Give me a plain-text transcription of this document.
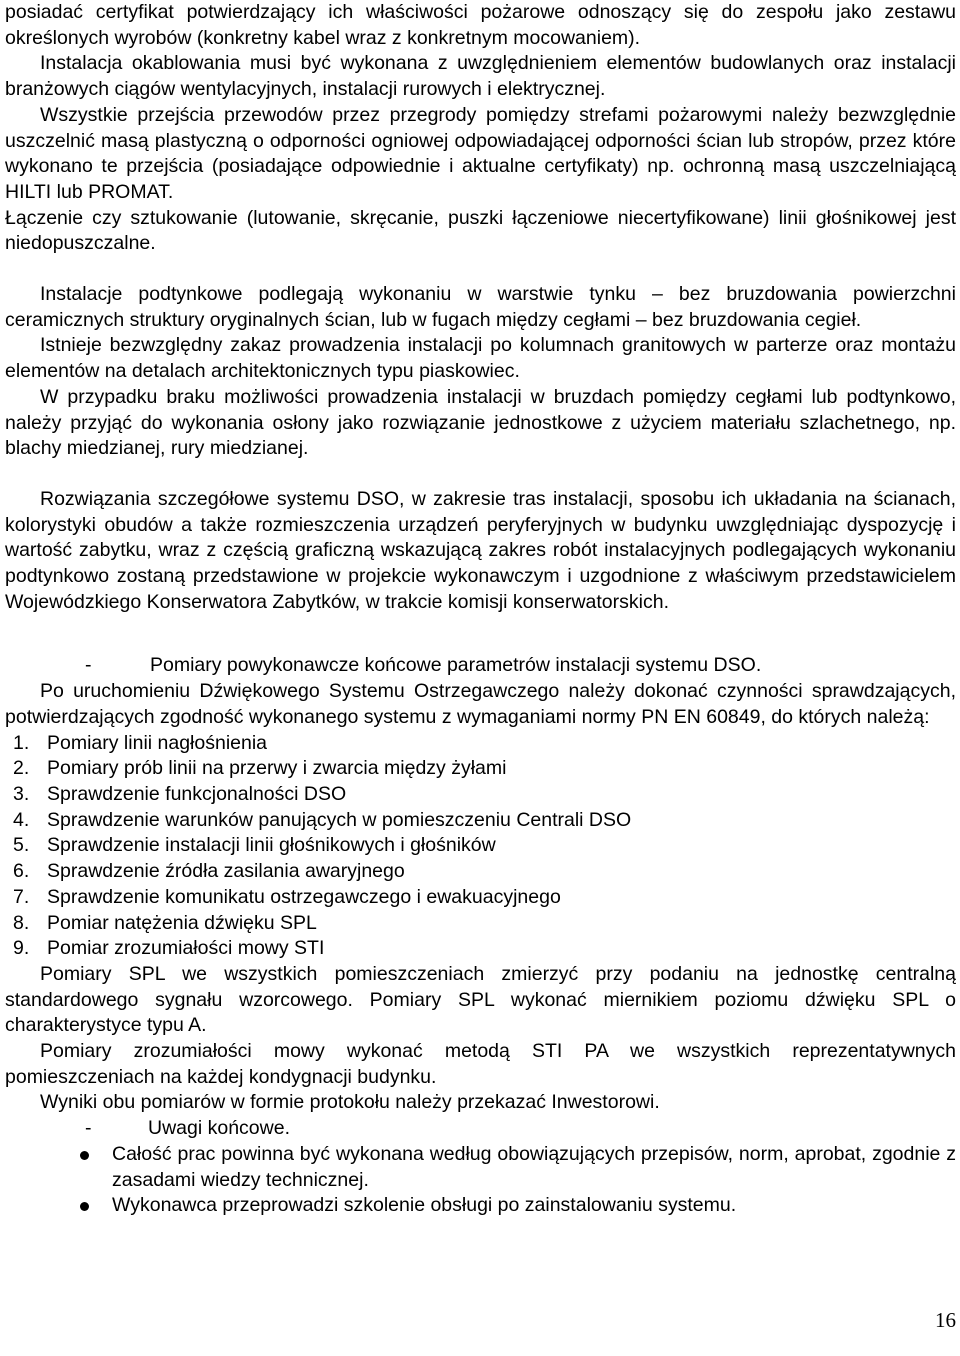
posiadać certyfikat potwierdzający ich właściwości pożarowe odnoszący się do zespołu jako zestawu określonych wyrobów (konkretny kabel wraz z konkretnym mocowaniem).

Instalacja okablowania musi być wykonana z uwzględnieniem elementów budowlanych oraz instalacji branżowych ciągów wentylacyjnych, instalacji rurowych i elektrycznej.

Wszystkie przejścia przewodów przez przegrody pomiędzy strefami pożarowymi należy bezwzględnie uszczelnić masą plastyczną o odporności ogniowej odpowiadającej odporności ścian lub stropów, przez które wykonano te przejścia (posiadające odpowiednie i aktualne certyfikaty) np. ochronną masą uszczelniającą HILTI lub PROMAT.

Łączenie czy sztukowanie (lutowanie, skręcanie, puszki łączeniowe niecertyfikowane) linii głośnikowej jest niedopuszczalne.

Instalacje podtynkowe podlegają wykonaniu w warstwie tynku – bez bruzdowania powierzchni ceramicznych struktury oryginalnych ścian, lub w fugach między cegłami – bez bruzdowania cegieł.

Istnieje bezwzględny zakaz prowadzenia instalacji po kolumnach granitowych w parterze oraz montażu elementów na detalach architektonicznych typu piaskowiec.

W przypadku braku możliwości prowadzenia instalacji w bruzdach pomiędzy cegłami lub podtynkowo, należy przyjąć do wykonania osłony jako rozwiązanie jednostkowe z użyciem materiału szlachetnego, np. blachy miedzianej, rury miedzianej.

Rozwiązania szczegółowe systemu DSO, w zakresie tras instalacji, sposobu ich układania na ścianach, kolorystyki obudów a także rozmieszczenia urządzeń peryferyjnych w budynku uwzględniając dyspozycję i wartość zabytku, wraz z częścią graficzną wskazującą zakres robót instalacyjnych podlegających wykonaniu podtynkowo zostaną przedstawione w projekcie wykonawczym i uzgodnione z właściwym przedstawicielem Wojewódzkiego Konserwatora Zabytków, w trakcie komisji konserwatorskich.

-	Pomiary powykonawcze końcowe parametrów instalacji systemu DSO.

Po uruchomieniu Dźwiękowego Systemu Ostrzegawczego należy dokonać czynności sprawdzających, potwierdzających zgodność wykonanego systemu z wymaganiami normy PN EN 60849, do których należą:

1. Pomiary linii nagłośnienia
2. Pomiary prób linii na przerwy i zwarcia między żyłami
3. Sprawdzenie funkcjonalności DSO
4. Sprawdzenie warunków panujących w pomieszczeniu Centrali DSO
5. Sprawdzenie instalacji linii głośnikowych i głośników
6. Sprawdzenie źródła zasilania awaryjnego
7. Sprawdzenie komunikatu ostrzegawczego i ewakuacyjnego
8. Pomiar natężenia dźwięku SPL
9. Pomiar zrozumiałości mowy STI

Pomiary SPL we wszystkich pomieszczeniach zmierzyć przy podaniu na jednostkę centralną standardowego sygnału wzorcowego. Pomiary SPL wykonać miernikiem poziomu dźwięku SPL o charakterystyce typu A.

Pomiary zrozumiałości mowy wykonać metodą STI PA we wszystkich reprezentatywnych pomieszczeniach na każdej kondygnacji budynku.

Wyniki obu pomiarów w formie protokołu należy przekazać Inwestorowi.

-	Uwagi końcowe.

Całość prac powinna być wykonana według obowiązujących przepisów, norm, aprobat, zgodnie z zasadami wiedzy technicznej.
Wykonawca przeprowadzi szkolenie obsługi po zainstalowaniu systemu.
16
